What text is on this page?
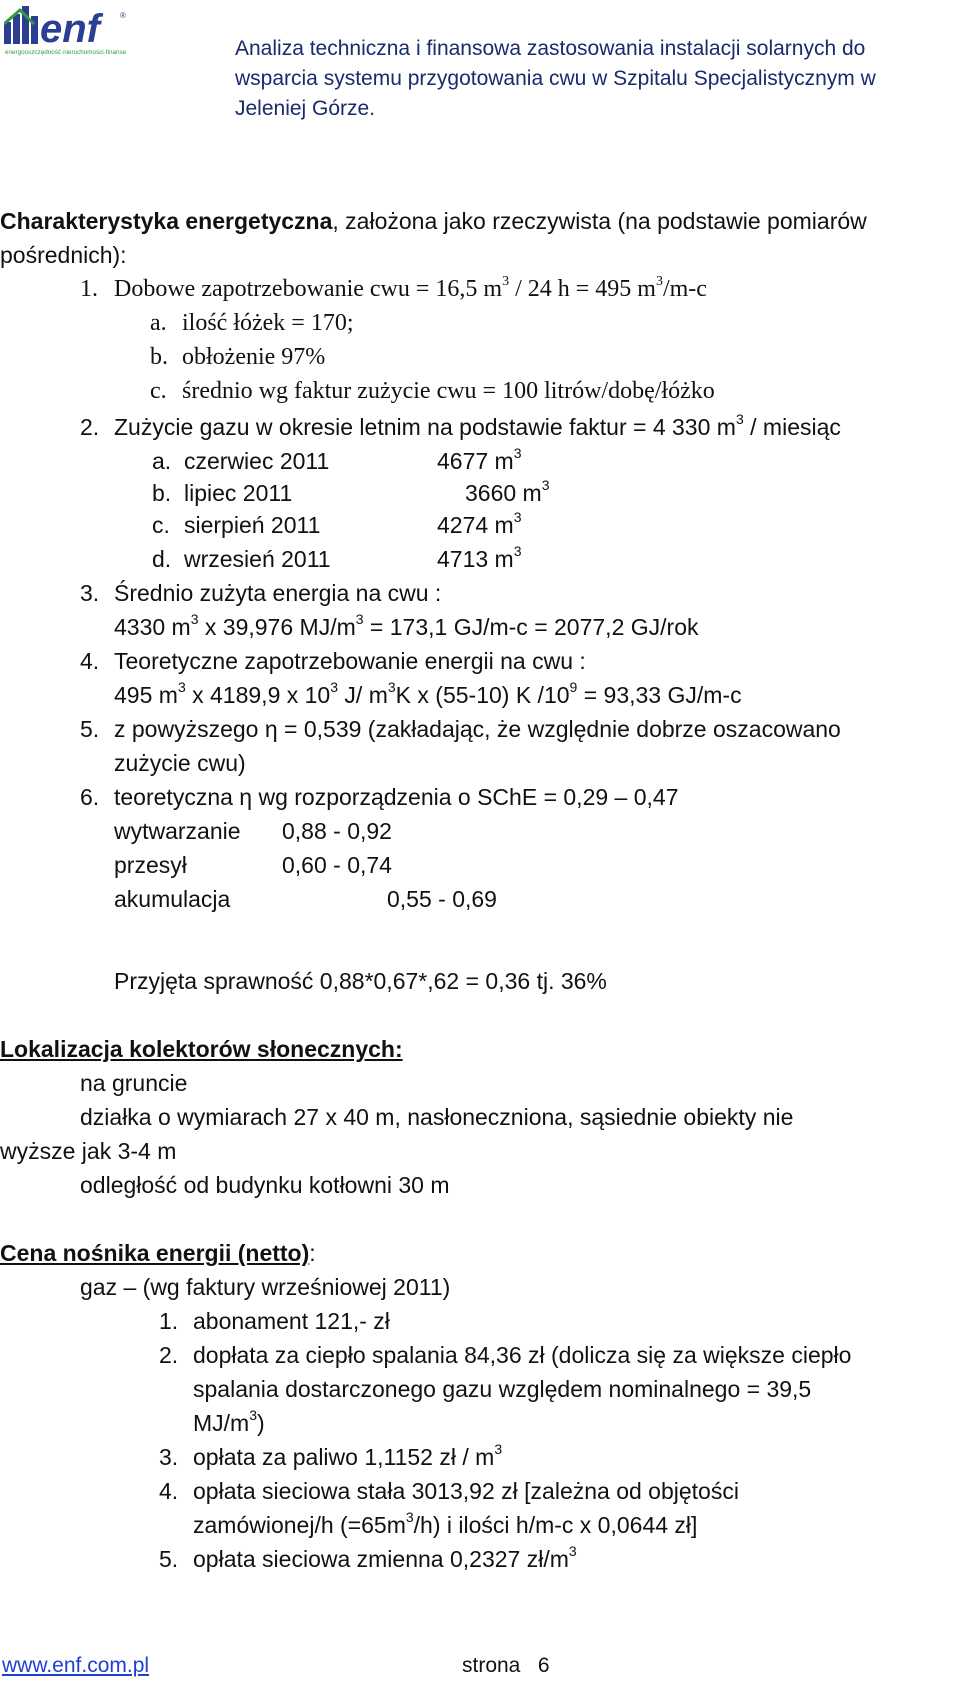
enf	®
energooszczędność·nieruchomości·finanse	Analiza techniczna i finansowa zastosowania instalacji solarnych do wsparcia systemu przygotowania cwu w Szpitalu Specjalistycznym w Jeleniej Górze.
Charakterystyka energetyczna, założona jako rzeczywista (na podstawie pomiarów
pośrednich):
1. Dobowe zapotrzebowanie cwu = 16,5 $m^3 / 24$ h = 495 $m^3/m-c$
a. ilość łóżek = 170;
b. obłożenie 97%
c. średnio wg faktur zużycie cwu = 100 litrów/dobę/łóżko
2. Zużycie gazu w okresie letnim na podstawie faktur = 4 330 $m^3$ / miesiąc
a. czerwiec 2011	4677 $m^3$
b. lipiec 2011	3660 $m^3$
c. sierpień 2011	4274 $m^3$
d. wrzesień 2011	4713 $m^3$
3. Średnio zużyta energia na cwu :
4330 $m^3$ x 39,976 $MJ/m^3 = 173,1$ GJ/m-c = 2077,2 GJ/rok
4. Teoretyczne zapotrzebowanie energii na cwu :
495 $m^3$ x 4189,9 x $10^3$ J/ $m^3K$ x (55-10) K $/10^9 = 93,33$ GJ/m-c
5. z powyższego η = 0,539 (zakładając, że względnie dobrze oszacowano
zużycie cwu)
6. teoretyczna η wg rozporządzenia o SChE = 0,29 – 0,47
wytwarzanie 0,88 - 0,92
przesył	0,60 - 0,74
akumulacja	0,55 - 0,69
Przyjęta sprawność 0,88*0,67*,62 = 0,36 tj. 36%
Lokalizacja kolektorów słonecznych:
na gruncie
działka o wymiarach 27 x 40 m, nasłoneczniona, sąsiednie obiekty nie
wyższe jak 3-4 m
odległość od budynku kotłowni 30 m
Cena nośnika energii (netto):
gaz – (wg faktury wrześniowej 2011)
1. abonament 121,- zł
2. dopłata za ciepło spalania 84,36 zł (dolicza się za większe ciepło
spalania dostarczonego gazu względem nominalnego = 39,5
$MJ/m^3$)
3. opłata za paliwo 1,1152 zł / $m^3$
4. opłata sieciowa stała 3013,92 zł [zależna od objętości
zamówionej/h $(=65m^3/h)$ i ilości h/m-c x 0,0644 zł]
5. opłata sieciowa zmienna 0,2327 $zł/m^3$
www.enf.com.pl	strona   6
